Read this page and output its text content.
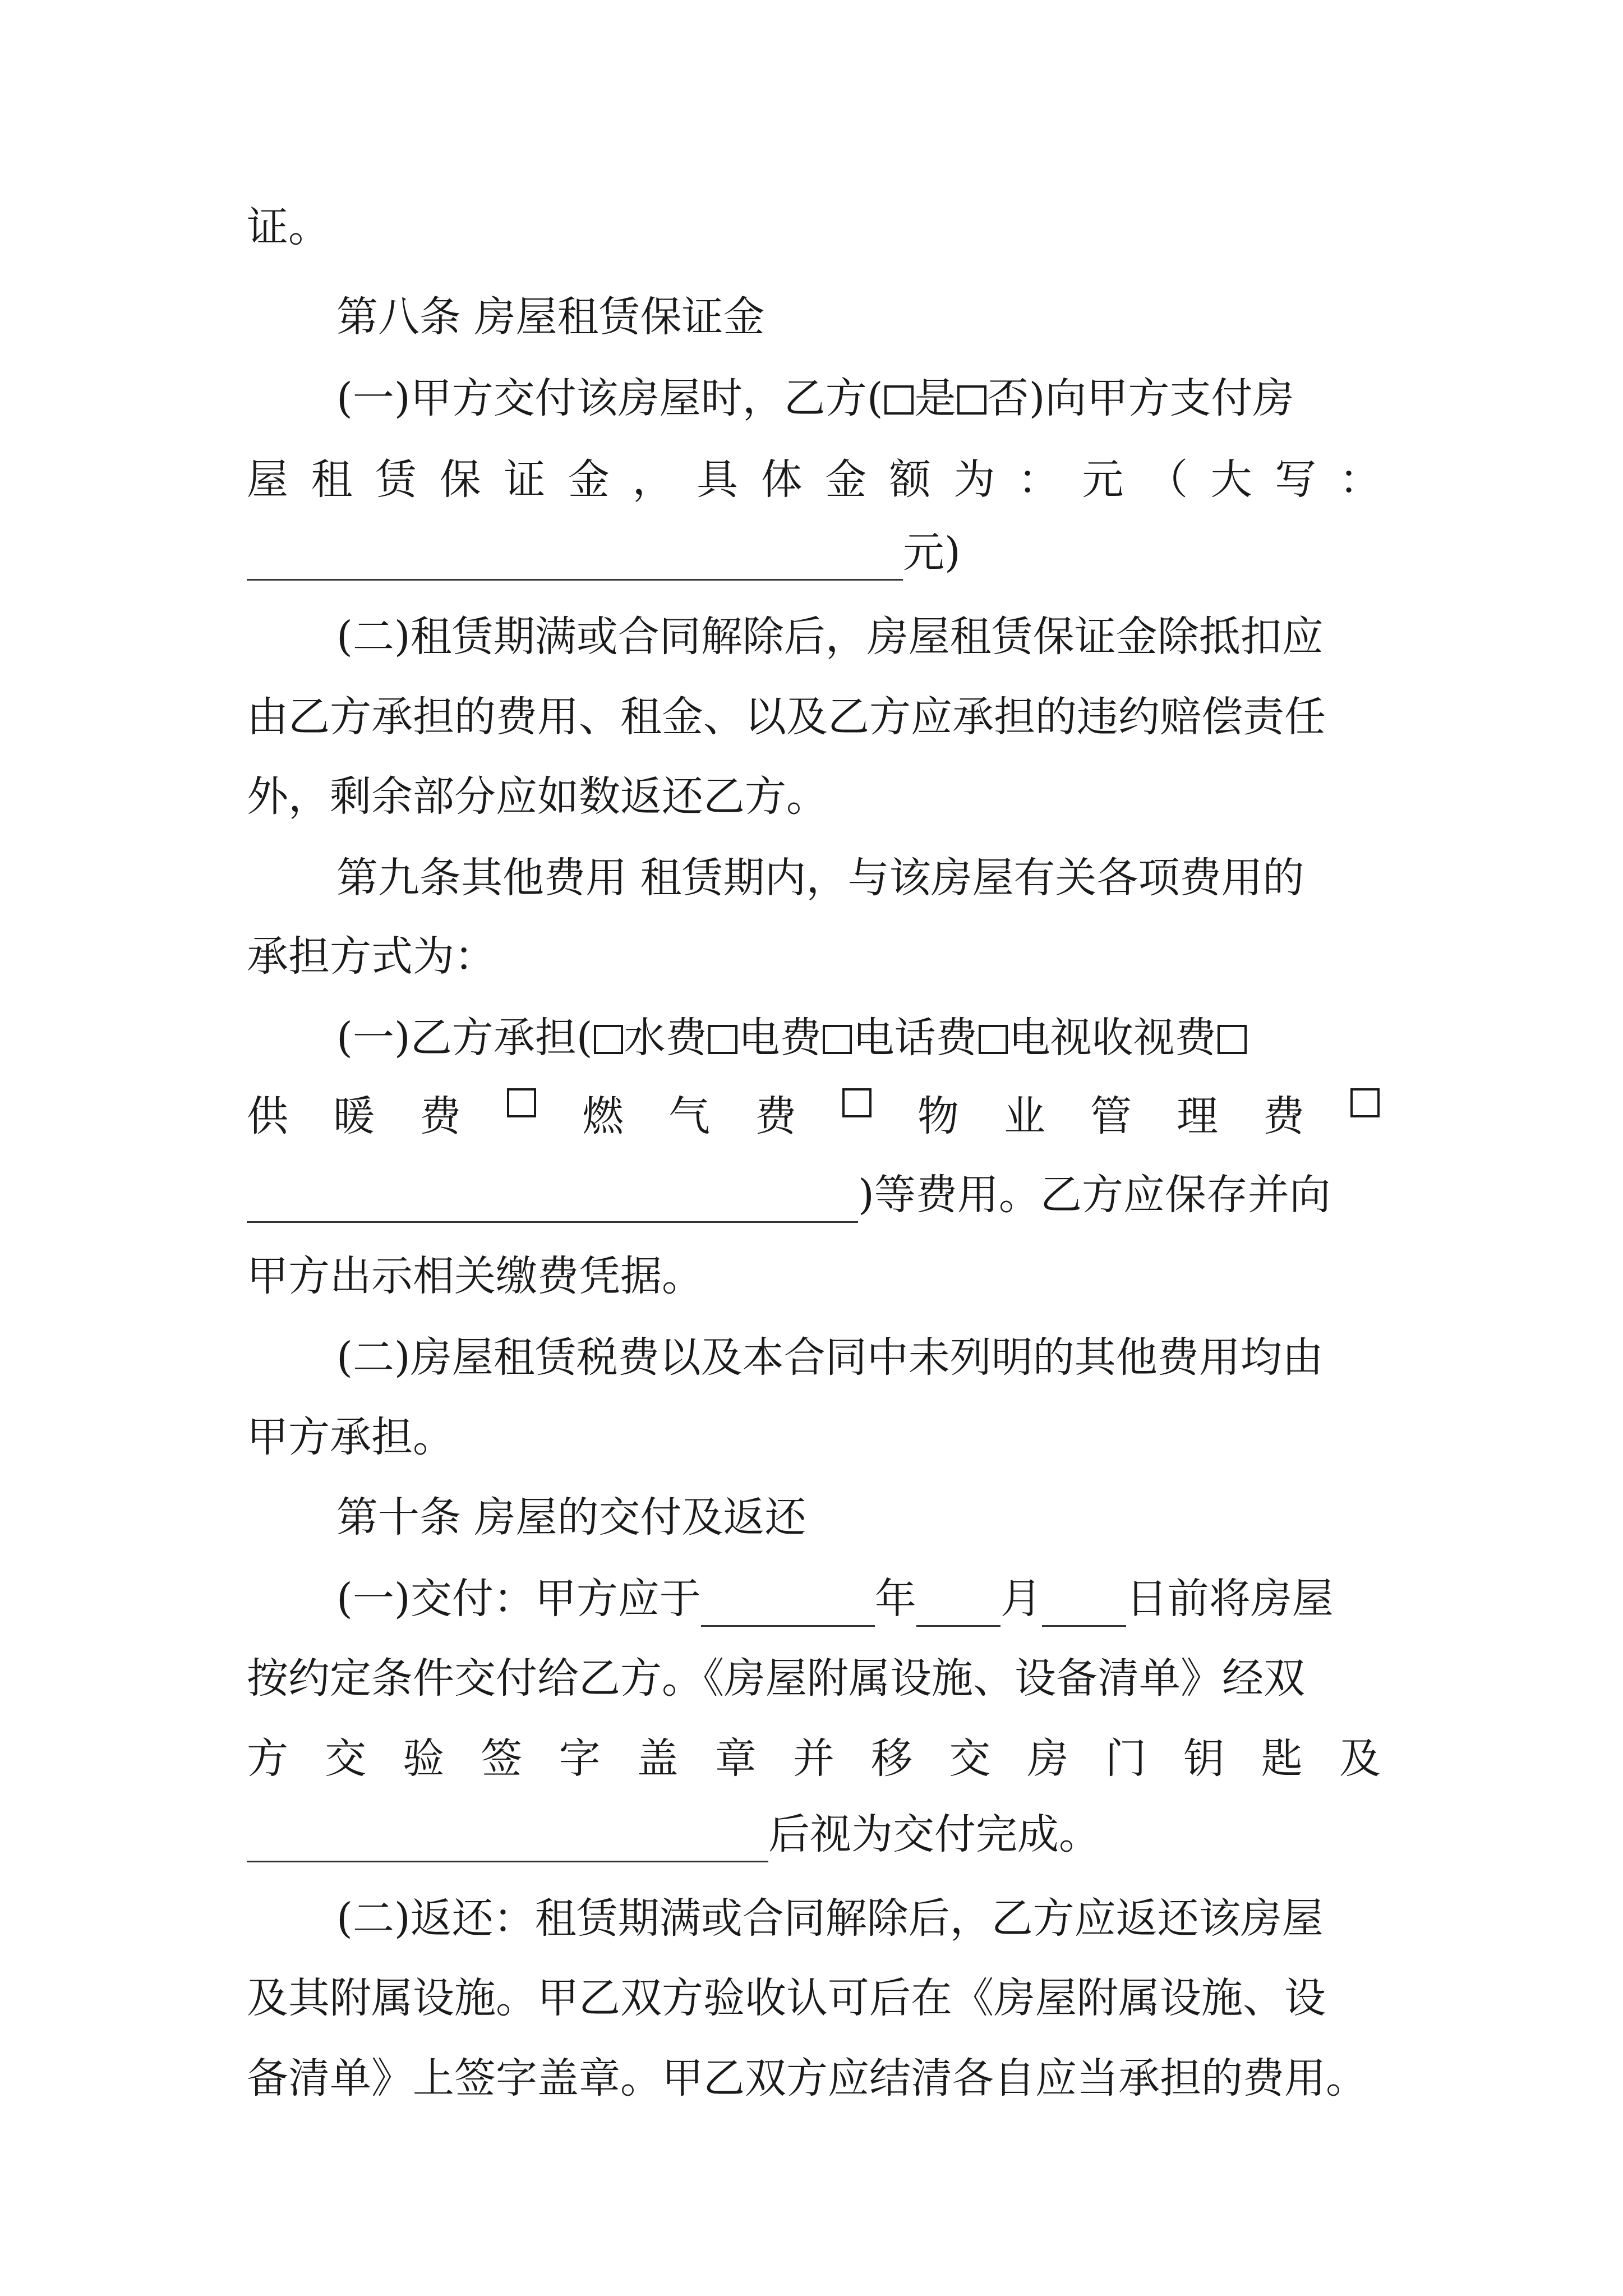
证。
第八条 房屋租赁保证金
(一)甲方交付该房屋时，乙方( 是 否)向甲方支付房
屋 租 赁 保 证 金 ， 具 体 金 额 为 ： 元 （ 大 写 ：
元)
(二)租赁期满或合同解除后，房屋租赁保证金除抵扣应
由乙方承担的费用、租金、以及乙方应承担的违约赔偿责任
外，剩余部分应如数返还乙方。
第九条其他费用 租赁期内，与该房屋有关各项费用的
承担方式为：
(一)乙方承担( 水费 电费 电话费 电视收视费
供 暖 费	燃 气 费	物 业 管 理 费
)等费用。乙方应保存并向
甲方出示相关缴费凭据。
(二)房屋租赁税费以及本合同中未列明的其他费用均由
甲方承担。
第十条 房屋的交付及返还
(一)交付：甲方应于	年 月 日前将房屋
按约定条件交付给乙方。《房屋附属设施、设备清单》经双
方 交 验 签 字 盖 章 并 移 交 房 门 钥 匙 及
后视为交付完成。
(二)返还：租赁期满或合同解除后，乙方应返还该房屋
及其附属设施。甲乙双方验收认可后在《房屋附属设施、设
备清单》上签字盖章。甲乙双方应结清各自应当承担的费用。
